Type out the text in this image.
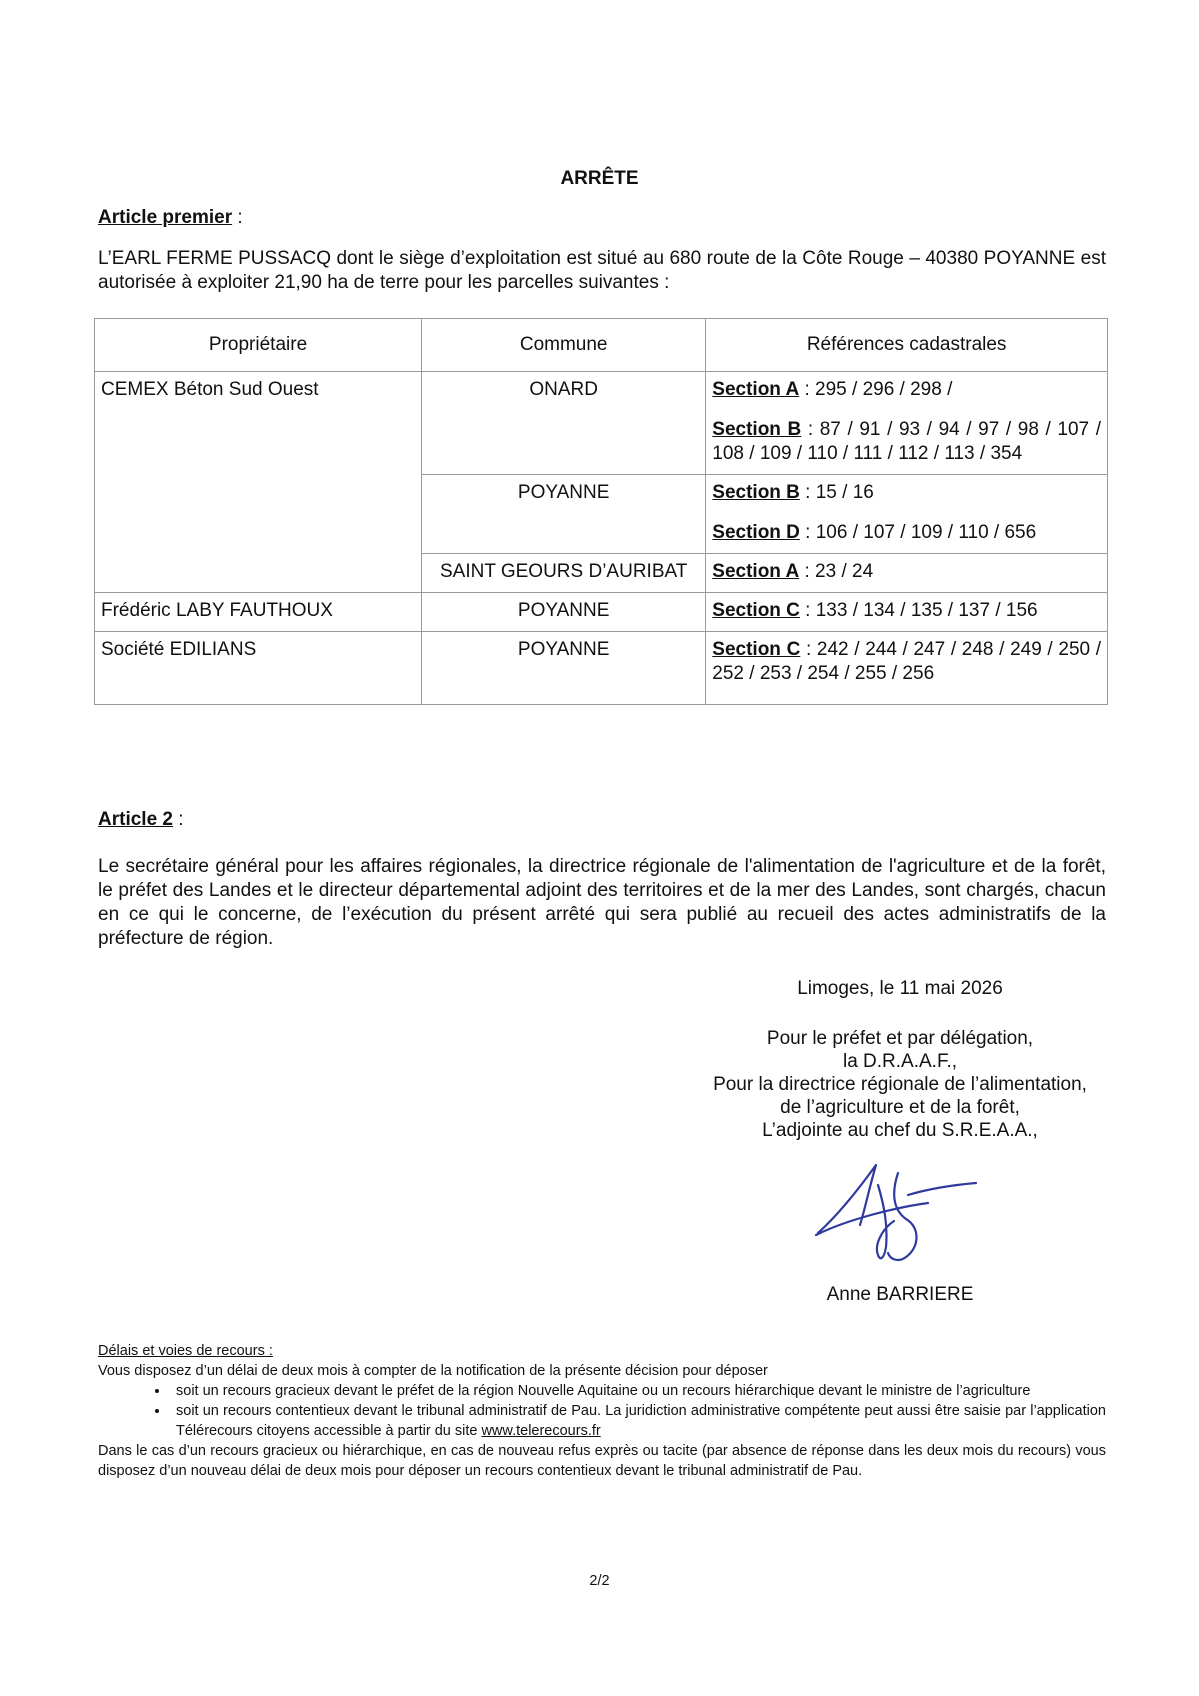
ARRÊTE
Article premier :
L’EARL FERME PUSSACQ dont le siège d’exploitation est situé au 680 route de la Côte Rouge – 40380 POYANNE est autorisée à exploiter 21,90 ha de terre pour les parcelles suivantes :
Propriétaire	Commune	Références cadastrales
CEMEX Béton Sud Ouest	ONARD	Section A : 295 / 296 / 298 /
Section B : 87 / 91 / 93 / 94 / 97 / 98 / 107 / 108 / 109 / 110 / 111 / 112 / 113 / 354

	POYANNE	Section B : 15 / 16
Section D : 106 / 107 / 109 / 110 / 656

	SAINT GEOURS D’AURIBAT	Section A : 23 / 24

Frédéric LABY FAUTHOUX	POYANNE	Section C : 133 / 134 / 135 / 137 / 156

Société EDILIANS	POYANNE	Section C : 242 / 244 / 247 / 248 / 249 / 250 / 252 / 253 / 254 / 255 / 256
Article 2 :
Le secrétaire général pour les affaires régionales, la directrice régionale de l'alimentation de l'agriculture et de la forêt, le préfet des Landes et le directeur départemental adjoint des territoires et de la mer des Landes, sont chargés, chacun en ce qui le concerne, de l’exécution du présent arrêté qui sera publié au recueil des actes administratifs de la préfecture de région.
Limoges, le 11 mai 2026
Pour le préfet et par délégation,
la D.R.A.A.F.,
Pour la directrice régionale de l’alimentation,
de l’agriculture et de la forêt,
L’adjointe au chef du S.R.E.A.A.,
Anne BARRIERE
Délais et voies de recours :
Vous disposez d’un délai de deux mois à compter de la notification de la présente décision pour déposer
• soit un recours gracieux devant le préfet de la région Nouvelle Aquitaine ou un recours hiérarchique devant le ministre de l’agriculture
• soit un recours contentieux devant le tribunal administratif de Pau. La juridiction administrative compétente peut aussi être saisie par l’application Télérecours citoyens accessible à partir du site www.telerecours.fr
Dans le cas d’un recours gracieux ou hiérarchique, en cas de nouveau refus exprès ou tacite (par absence de réponse dans les deux mois du recours) vous disposez d’un nouveau délai de deux mois pour déposer un recours contentieux devant le tribunal administratif de Pau.
2/2
